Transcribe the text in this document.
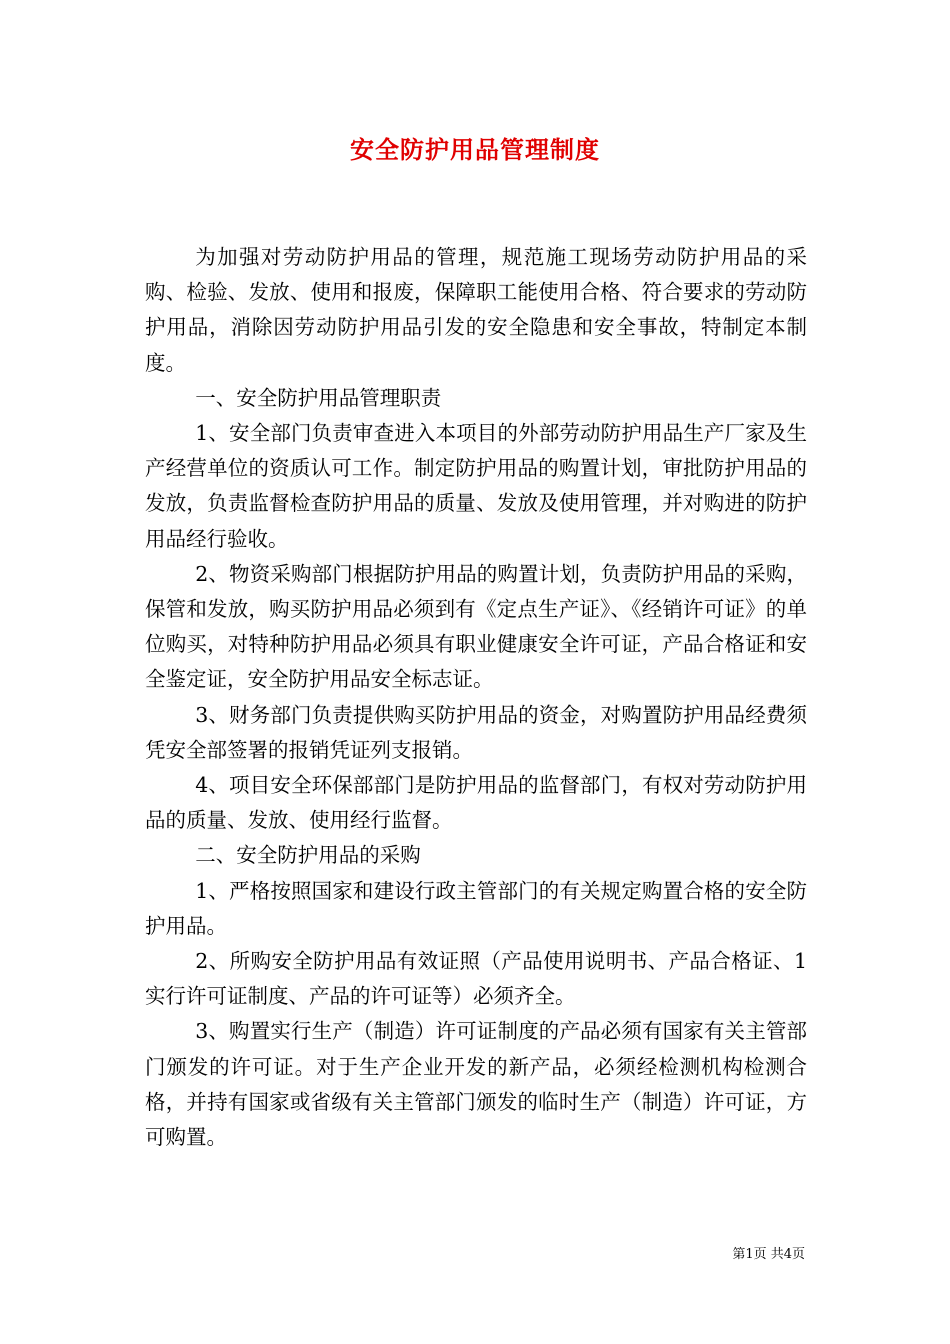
安全防护用品管理制度

为加强对劳动防护用品的管理，规范施工现场劳动防护用品的采购、检验、发放、使用和报废，保障职工能使用合格、符合要求的劳动防护用品，消除因劳动防护用品引发的安全隐患和安全事故，特制定本制度。

一、安全防护用品管理职责

1、安全部门负责审查进入本项目的外部劳动防护用品生产厂家及生产经营单位的资质认可工作。制定防护用品的购置计划，审批防护用品的发放，负责监督检查防护用品的质量、发放及使用管理，并对购进的防护用品经行验收。

2、物资采购部门根据防护用品的购置计划，负责防护用品的采购，保管和发放，购买防护用品必须到有《定点生产证》、《经销许可证》的单位购买，对特种防护用品必须具有职业健康安全许可证，产品合格证和安全鉴定证，安全防护用品安全标志证。

3、财务部门负责提供购买防护用品的资金，对购置防护用品经费须凭安全部签署的报销凭证列支报销。

4、项目安全环保部部门是防护用品的监督部门，有权对劳动防护用品的质量、发放、使用经行监督。

二、安全防护用品的采购

1、严格按照国家和建设行政主管部门的有关规定购置合格的安全防护用品。

2、所购安全防护用品有效证照（产品使用说明书、产品合格证、1实行许可证制度、产品的许可证等）必须齐全。

3、购置实行生产（制造）许可证制度的产品必须有国家有关主管部门颁发的许可证。对于生产企业开发的新产品，必须经检测机构检测合格，并持有国家或省级有关主管部门颁发的临时生产（制造）许可证，方可购置。

第1页 共4页
